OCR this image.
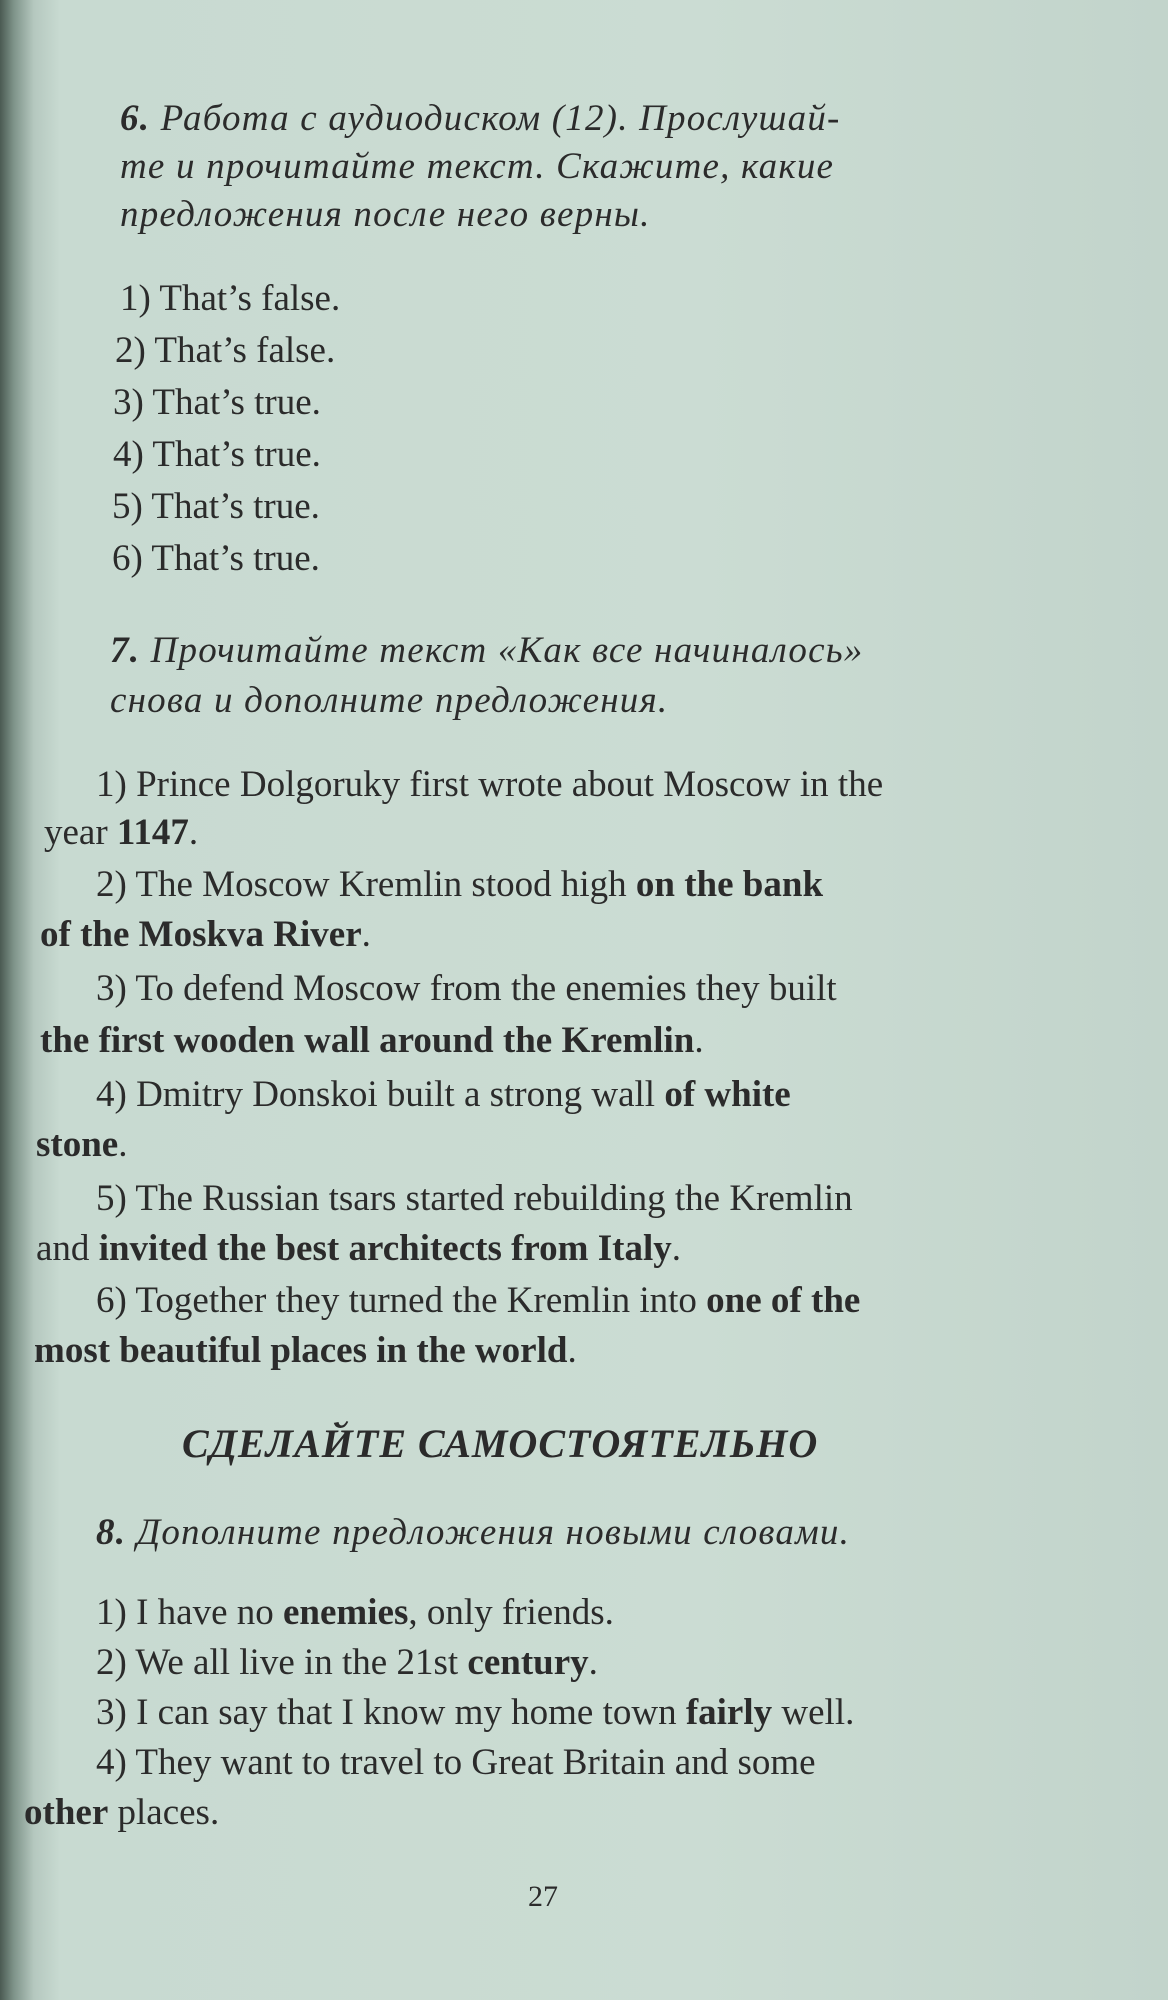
6. Работа с аудиодиском (12). Прослушай-
те и прочитайте текст. Скажите, какие
предложения после него верны.
1) That’s false.
2) That’s false.
3) That’s true.
4) That’s true.
5) That’s true.
6) That’s true.
7. Прочитайте текст «Как все начиналось»
снова и дополните предложения.
1) Prince Dolgoruky first wrote about Moscow in the
year 1147.
2) The Moscow Kremlin stood high on the bank
of the Moskva River.
3) To defend Moscow from the enemies they built
the first wooden wall around the Kremlin.
4) Dmitry Donskoi built a strong wall of white
stone.
5) The Russian tsars started rebuilding the Kremlin
and invited the best architects from Italy.
6) Together they turned the Kremlin into one of the
most beautiful places in the world.
СДЕЛАЙТЕ САМОСТОЯТЕЛЬНО
8. Дополните предложения новыми словами.
1) I have no enemies, only friends.
2) We all live in the 21st century.
3) I can say that I know my home town fairly well.
4) They want to travel to Great Britain and some
other places.
27
